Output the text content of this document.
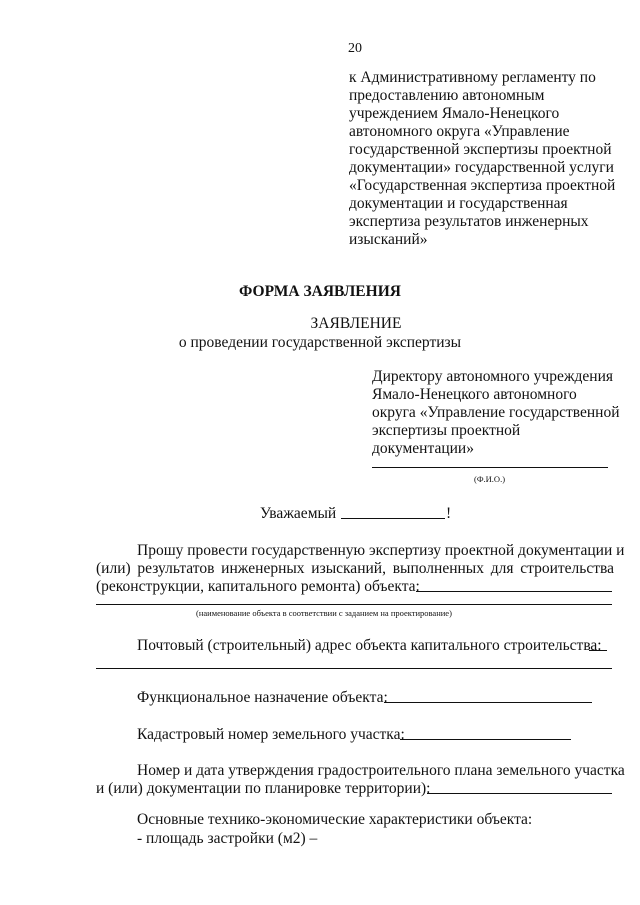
20
к Административному регламенту по
предоставлению автономным
учреждением Ямало-Ненецкого
автономного округа «Управление
государственной экспертизы проектной
документации» государственной услуги
«Государственная экспертиза проектной
документации и государственная
экспертиза результатов инженерных
изысканий»
ФОРМА ЗАЯВЛЕНИЯ
ЗАЯВЛЕНИЕ
о проведении государственной экспертизы
Директору автономного учреждения
Ямало-Ненецкого автономного
округа «Управление государственной
экспертизы проектной
документации»
(Ф.И.О.)
Уважаемый	!
Прошу провести государственную экспертизу проектной документации и
(или) результатов инженерных изысканий, выполненных для строительства
(реконструкции, капитального ремонта) объекта:
(наименование объекта в соответствии с заданием на проектирование)
Почтовый (строительный) адрес объекта капитального строительства:
Функциональное назначение объекта:
Кадастровый номер земельного участка:
Номер и дата утверждения градостроительного плана земельного участка
и (или) документации по планировке территории):
Основные технико-экономические характеристики объекта:
- площадь застройки (м2) –
